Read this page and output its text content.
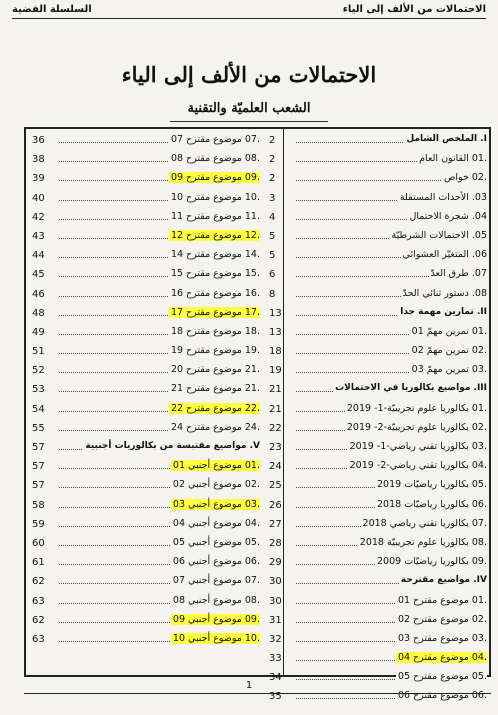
السلسلة الفضية	الاحتمالات من الألف إلى الياء
الاحتمالات من الألف إلى الياء
الشعب العلميّة والتقنية
36	.07 موضوع مقترح 07
38	.08 موضوع مقترح 08
39	.09 موضوع مقترح 09
40	.10 موضوع مقترح 10
42	.11 موضوع مقترح 11
43	.12 موضوع مقترح 12
44	.14 موضوع مقترح 14
45	.15 موضوع مقترح 15
46	.16 موضوع مقترح 16
48	.17 موضوع مقترح 17
49	.18 موضوع مقترح 18
51	.19 موضوع مقترح 19
52	.21 موضوع مقترح 20
53	.21 موضوع مقترح 21
54	.22 موضوع مقترح 22
55	.24 موضوع مقترح 24
57	V. مواضيع مقتبسة من بكالوريات أجنبية
57	.01 موضوع أجنبي 01
57	.02 موضوع أجنبي 02
58	.03 موضوع أجنبي 03
59	.04 موضوع أجنبي 04
60	.05 موضوع أجنبي 05
61	.06 موضوع أجنبي 06
62	.07 موضوع أجنبي 07
63	.08 موضوع أجنبي 08
62	.09 موضوع أجنبي 09
63	.10 موضوع أجنبي 10
2	I. الملخص الشامل
2	.01 القانون العام
2	.02 خواص
3	03. الأحداث المستقلة
4	04. شجرة الاحتمال
5	05. الاحتمالات الشرطيّة
5	06. المتغيّر العشوائي
6	07. طرق العدّ
8	08. دستور ثنائي الحدّ
13	II. تمارين مهمة جدا
13	.01 تمرين مهمّ 01
18	.02 تمرين مهمّ 02
19	.03 تمرين مهمّ 03
21	III. مواضيع بكالوريا في الاحتمالات
21	.01 بكالوريا علوم تجريبيّة-1- 2019
22	.02 بكالوريا علوم تجريبيّة-2- 2019
23	.03 بكالوريا تقني رياضي-1- 2019
24	.04 بكالوريا تقني رياضي-2- 2019
25	.05 بكالوريا رياضيّات 2019
26	.06 بكالوريا رياضيّات 2018
27	.07 بكالوريا تقني رياضي 2018
28	.08 بكالوريا علوم تجريبيّة 2018
29	.09 بكالوريا رياضيّات 2009
30	IV. مواضيع مقترحة
30	.01 موضوع مقترح 01
31	.02 موضوع مقترح 02
32	.03 موضوع مقترح 03
33	.04 موضوع مقترح 04
34	.05 موضوع مقترح 05
35	.06 موضوع مقترح 06
1
